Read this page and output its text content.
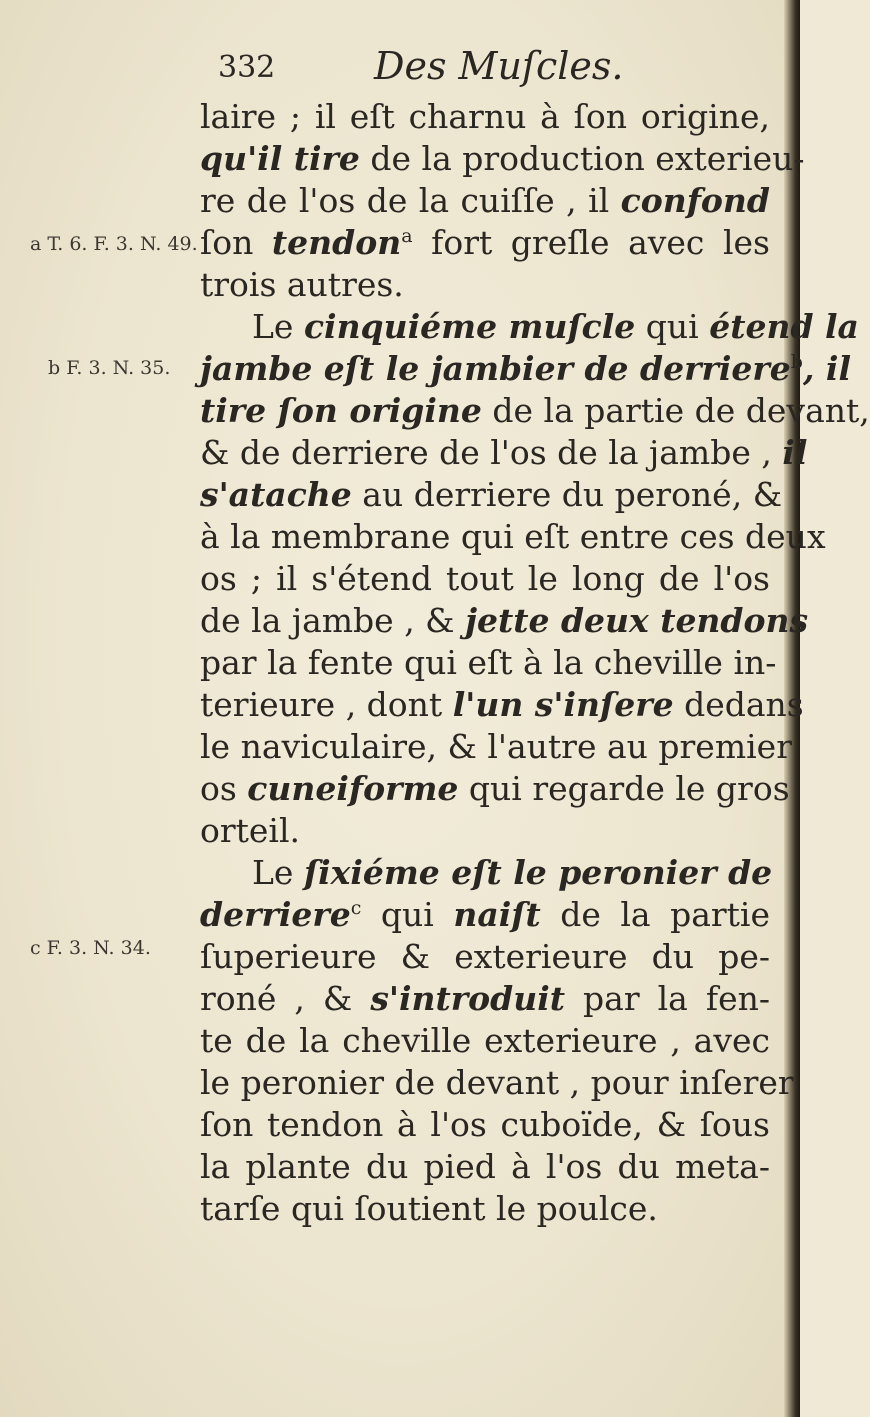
332	Des Muſcles.
a T. 6. F. 3. N. 49.
b F. 3. N. 35.
c F. 3. N. 34.
laire ; il eſt charnu à ſon origine,
qu'il tire de la production exterieu-
re de l'os de la cuiſſe , il confond
ſon tendon$^a$ fort greſle avec les
trois autres.
Le cinquiéme muſcle qui étend la
jambe eſt le jambier de derriere$^b$, il
tire ſon origine de la partie de devant,
& de derriere de l'os de la jambe , il
s'atache au derriere du peroné, &
à la membrane qui eſt entre ces deux
os ; il s'étend tout le long de l'os
de la jambe , & jette deux tendons
par la fente qui eſt à la cheville in-
terieure , dont l'un s'inſere dedans
le naviculaire, & l'autre au premier
os cuneiforme qui regarde le gros
orteil.
Le ſixiéme eſt le peronier de
derriere$^c$ qui naiſt de la partie
ſuperieure & exterieure du pe-
roné , & s'introduit par la fen-
te de la cheville exterieure , avec
le peronier de devant , pour inſerer
ſon tendon à l'os cuboïde, & ſous
la plante du pied à l'os du meta-
tarſe qui ſoutient le poulce.
